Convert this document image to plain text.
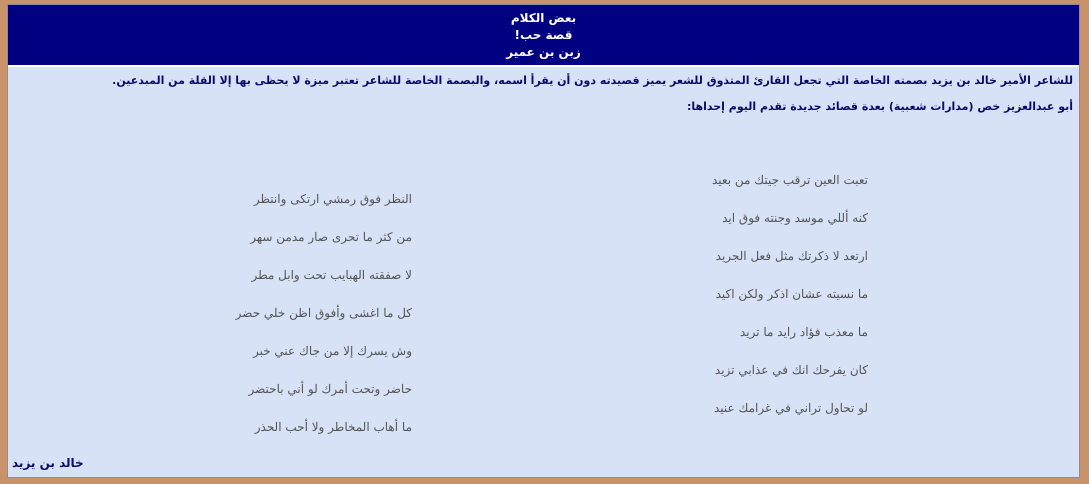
بعض الكلام
قصة حب!
زبن بن عمير

للشاعر الأمير خالد بن يزيد بصمته الخاصة التي تجعل القارئ المتذوق للشعر يميز قصيدته دون أن يقرأ اسمه، والبصمة الخاصة للشاعر تعتبر ميزة لا يحظى بها إلا القلة من المبدعين.

أبو عبدالعزيز خص (مدارات شعبية) بعدة قصائد جديدة تقدم اليوم إحداها:

تعبت العين ترقب جيتك من بعيد
كنه أللي موسد وجنته فوق ايد
ارتعد لا ذكرتك مثل فعل الجريد
ما نسيته عشان اذكر ولكن اكيد
ما معذب فؤاد رايد ما تريد
كان يفرحك انك في عذابي تزيد
لو تحاول تراني في غرامك عنيد
النظر فوق رمشي ارتكى وانتظر
من كثر ما تحرى صار مدمن سهر
لا صفقته الهبايب تحت وابل مطر
كل ما اغشى وأفوق اظن خلي حضر
وش يسرك إلا من جاك عني خبر
حاضر وتحت أمرك لو أني باحتضر
ما أهاب المخاطر ولا أحب الحذر
خالد بن يزيد
